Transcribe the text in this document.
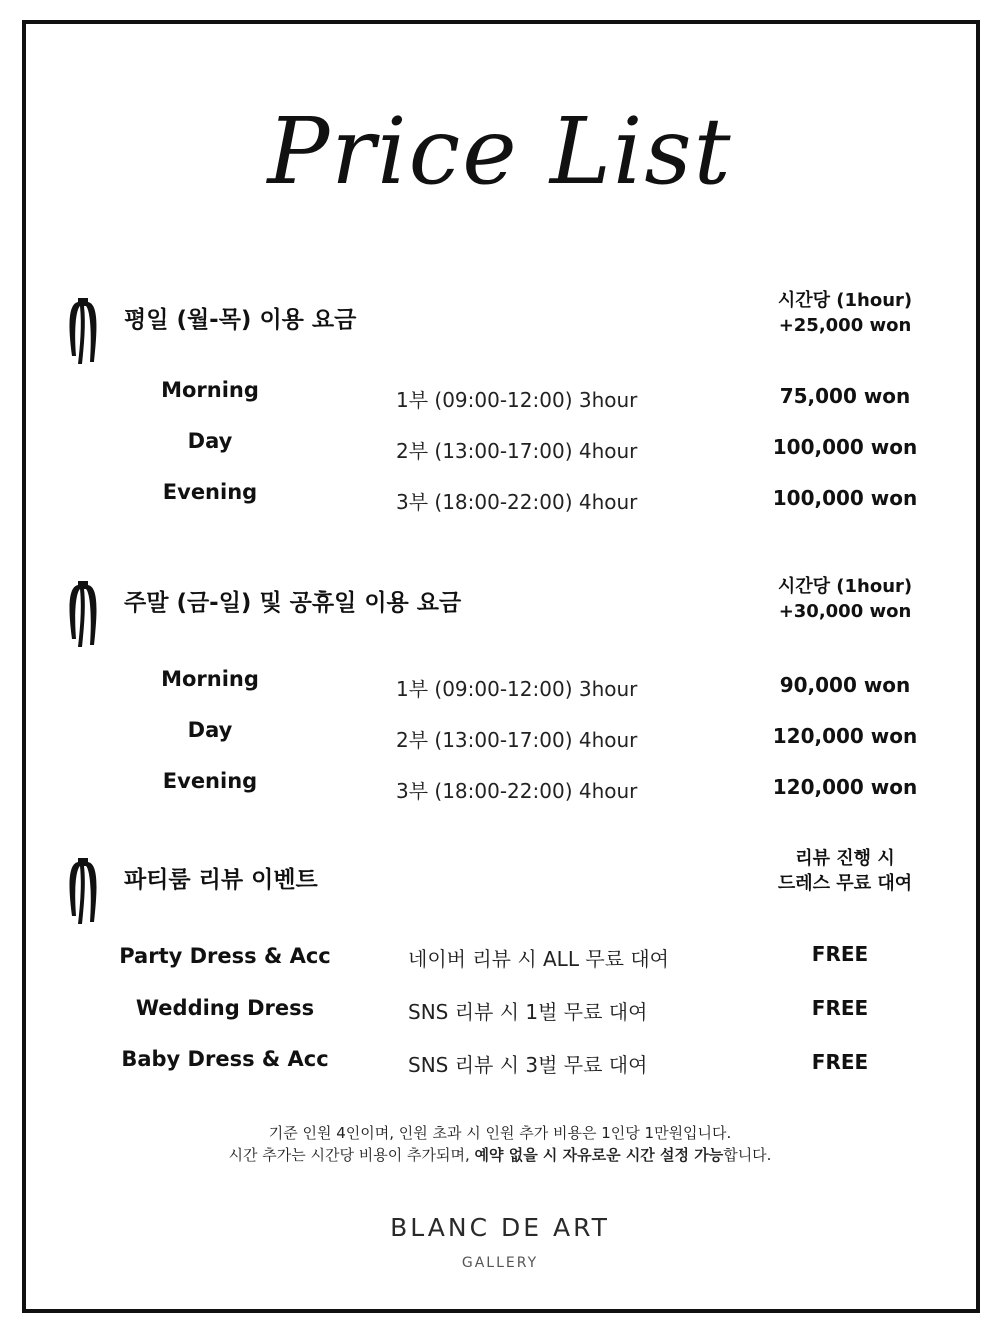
Price List
평일 (월-목) 이용 요금
시간당 (1hour)
+25,000 won
Morning	1부 (09:00-12:00) 3hour	75,000 won
Day	2부 (13:00-17:00) 4hour	100,000 won
Evening	3부 (18:00-22:00) 4hour	100,000 won
주말 (금-일) 및 공휴일 이용 요금
시간당 (1hour)
+30,000 won
Morning	1부 (09:00-12:00) 3hour	90,000 won
Day	2부 (13:00-17:00) 4hour	120,000 won
Evening	3부 (18:00-22:00) 4hour	120,000 won
파티룸 리뷰 이벤트
리뷰 진행 시
드레스 무료 대여
Party Dress & Acc	네이버 리뷰 시 ALL 무료 대여	FREE
Wedding Dress	SNS 리뷰 시 1벌 무료 대여	FREE
Baby Dress & Acc	SNS 리뷰 시 3벌 무료 대여	FREE
기준 인원 4인이며, 인원 초과 시 인원 추가 비용은 1인당 1만원입니다.
시간 추가는 시간당 비용이 추가되며, 예약 없을 시 자유로운 시간 설정 가능합니다.
BLANC DE ART
GALLERY
